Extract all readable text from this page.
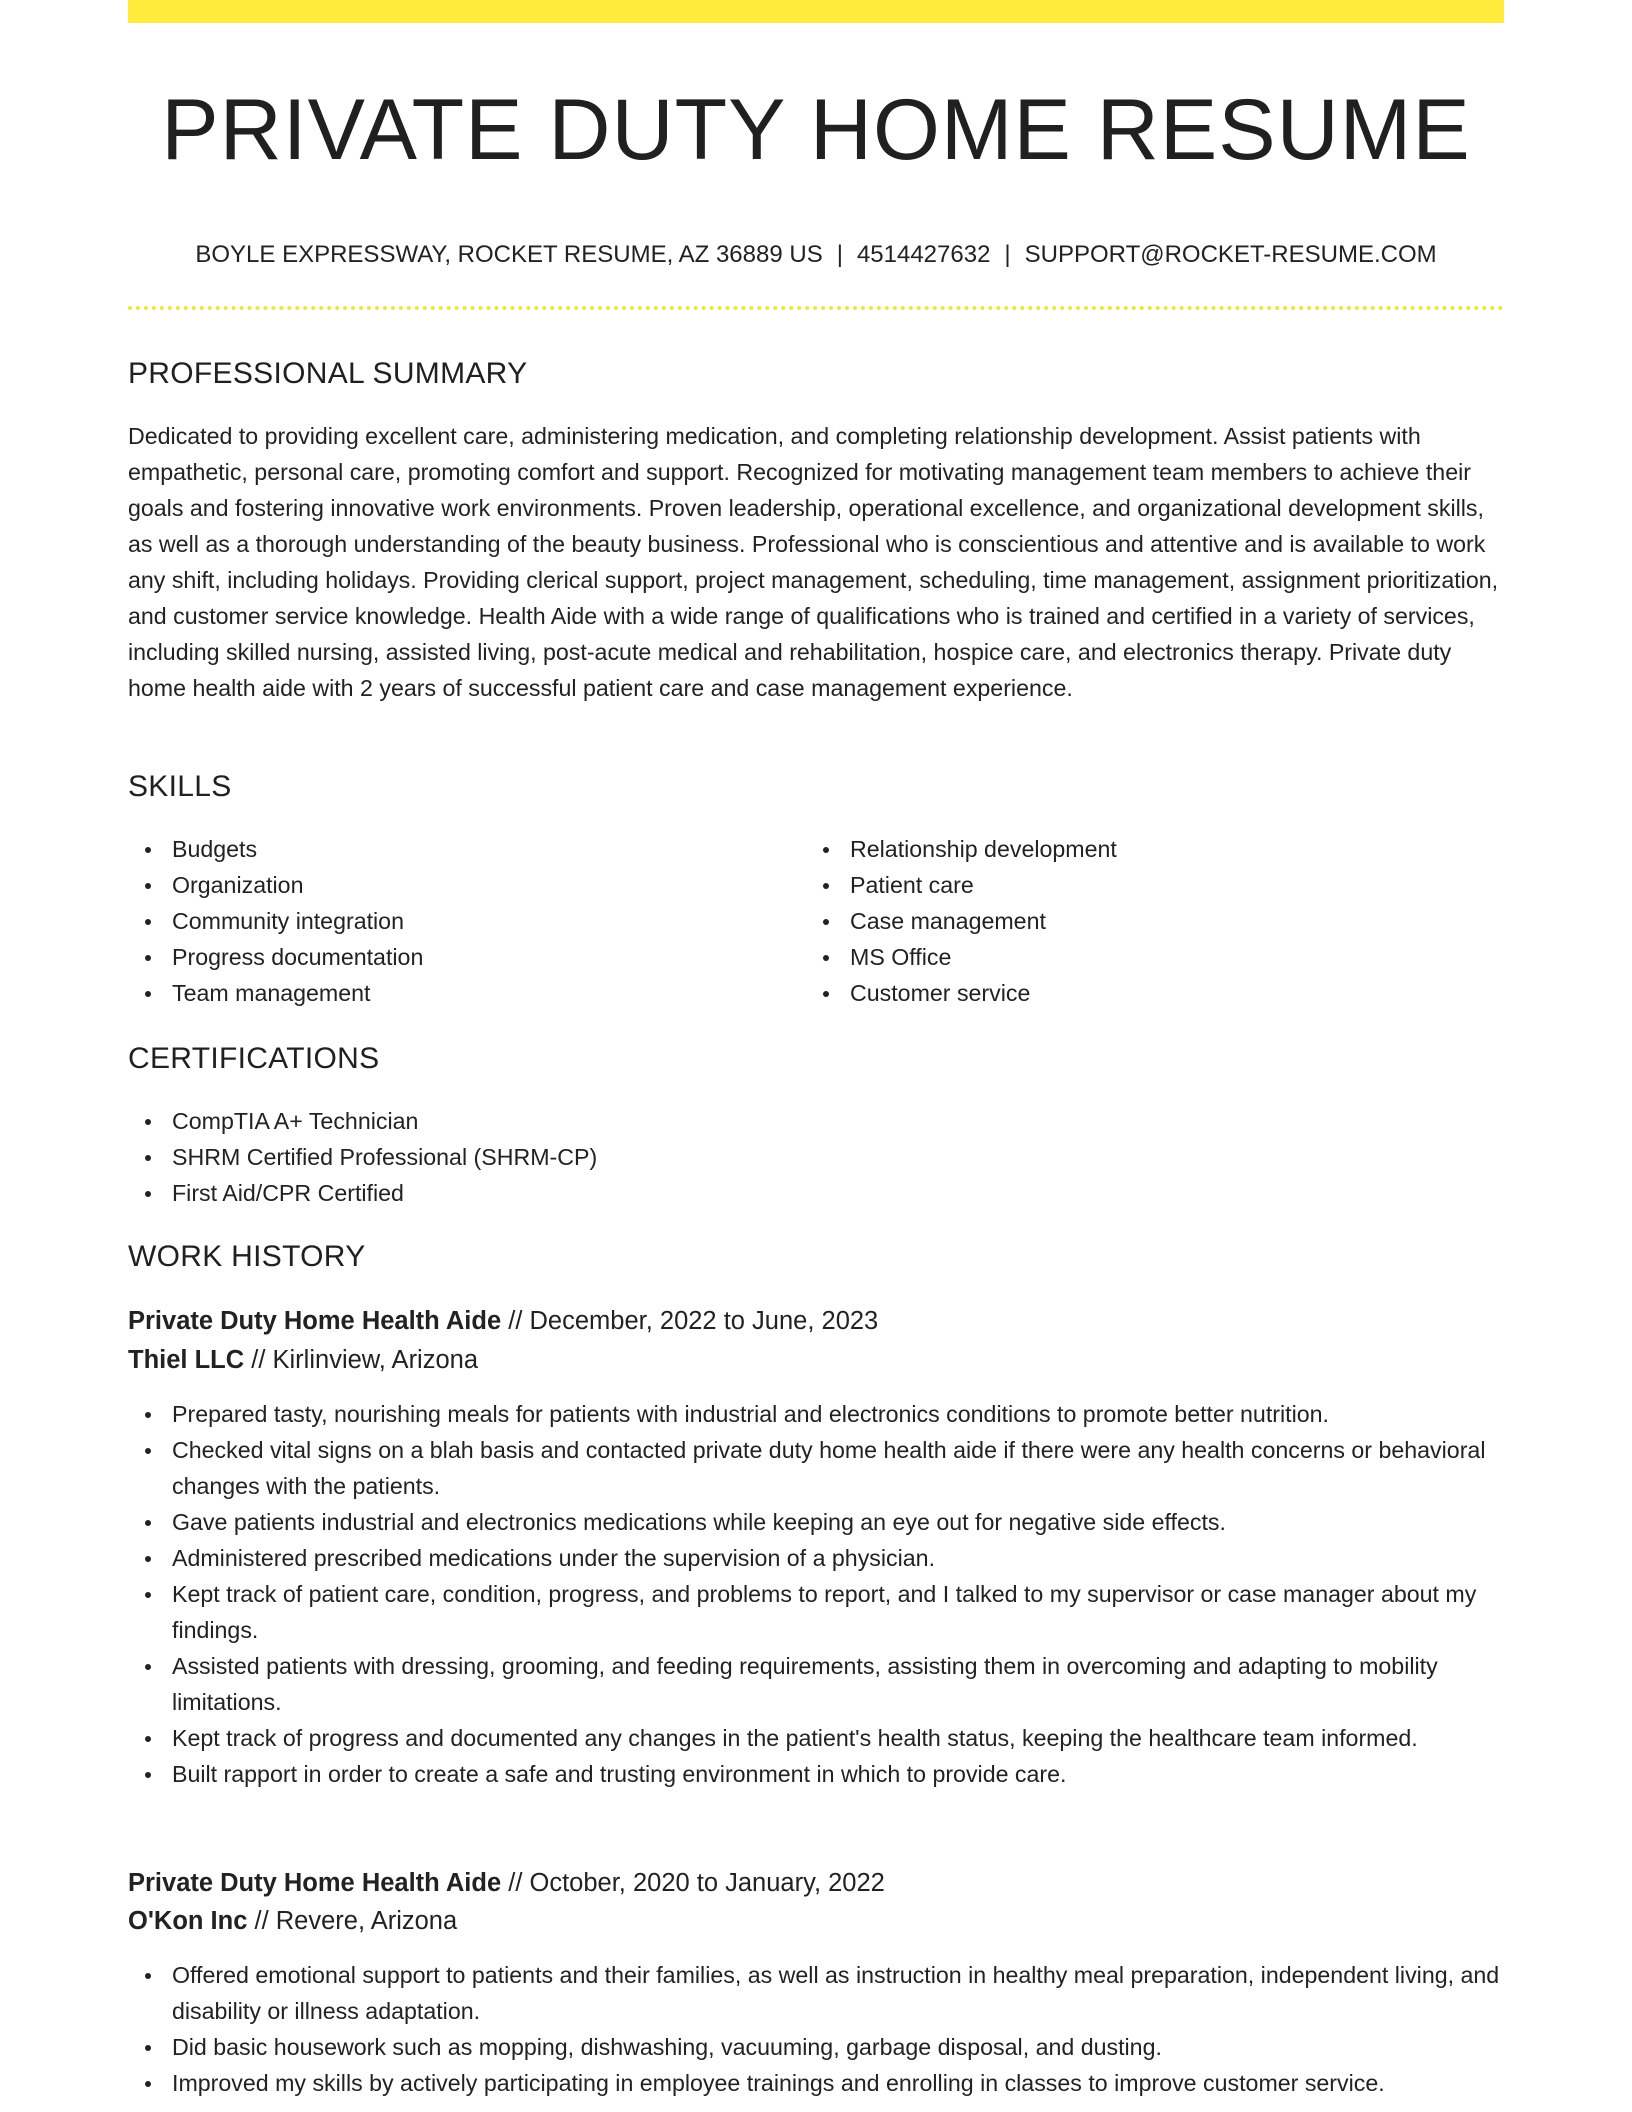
PRIVATE DUTY HOME RESUME
BOYLE EXPRESSWAY, ROCKET RESUME, AZ 36889 US | 4514427632 | SUPPORT@ROCKET-RESUME.COM
PROFESSIONAL SUMMARY
Dedicated to providing excellent care, administering medication, and completing relationship development. Assist patients with empathetic, personal care, promoting comfort and support. Recognized for motivating management team members to achieve their goals and fostering innovative work environments. Proven leadership, operational excellence, and organizational development skills, as well as a thorough understanding of the beauty business. Professional who is conscientious and attentive and is available to work any shift, including holidays. Providing clerical support, project management, scheduling, time management, assignment prioritization, and customer service knowledge. Health Aide with a wide range of qualifications who is trained and certified in a variety of services, including skilled nursing, assisted living, post-acute medical and rehabilitation, hospice care, and electronics therapy. Private duty home health aide with 2 years of successful patient care and case management experience.
SKILLS
Budgets
Organization
Community integration
Progress documentation
Team management
Relationship development
Patient care
Case management
MS Office
Customer service
CERTIFICATIONS
CompTIA A+ Technician
SHRM Certified Professional (SHRM-CP)
First Aid/CPR Certified
WORK HISTORY
Private Duty Home Health Aide // December, 2022 to June, 2023
Thiel LLC // Kirlinview, Arizona
Prepared tasty, nourishing meals for patients with industrial and electronics conditions to promote better nutrition.
Checked vital signs on a blah basis and contacted private duty home health aide if there were any health concerns or behavioral changes with the patients.
Gave patients industrial and electronics medications while keeping an eye out for negative side effects.
Administered prescribed medications under the supervision of a physician.
Kept track of patient care, condition, progress, and problems to report, and I talked to my supervisor or case manager about my findings.
Assisted patients with dressing, grooming, and feeding requirements, assisting them in overcoming and adapting to mobility limitations.
Kept track of progress and documented any changes in the patient's health status, keeping the healthcare team informed.
Built rapport in order to create a safe and trusting environment in which to provide care.
Private Duty Home Health Aide // October, 2020 to January, 2022
O'Kon Inc // Revere, Arizona
Offered emotional support to patients and their families, as well as instruction in healthy meal preparation, independent living, and disability or illness adaptation.
Did basic housework such as mopping, dishwashing, vacuuming, garbage disposal, and dusting.
Improved my skills by actively participating in employee trainings and enrolling in classes to improve customer service.
